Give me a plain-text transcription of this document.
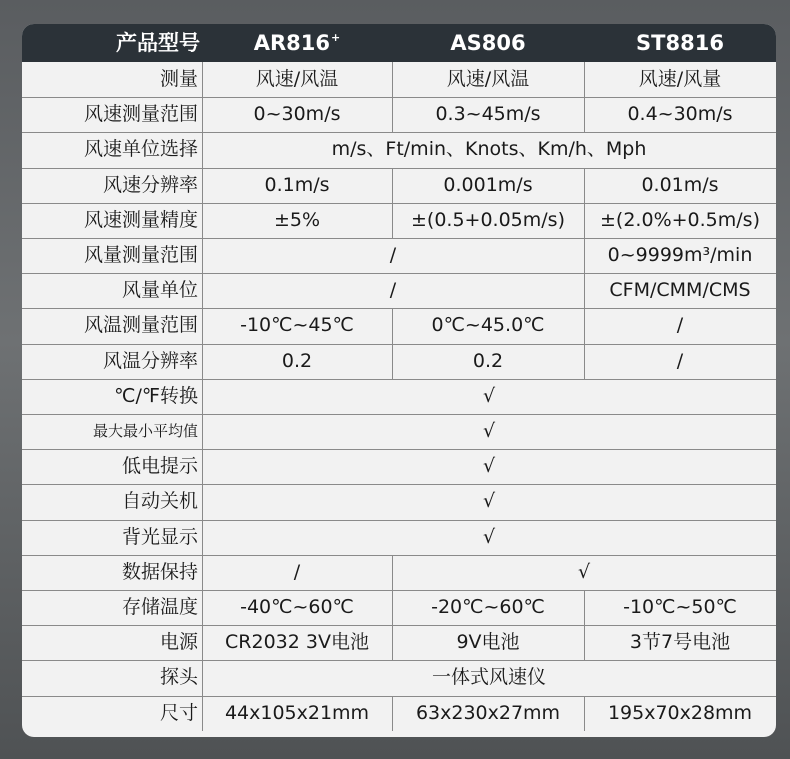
产品型号	AR816+	AS806	ST8816
测量	风速/风温	风速/风温	风速/风量
风速测量范围	0~30m/s	0.3~45m/s	0.4~30m/s
风速单位选择	m/s、Ft/min、Knots、Km/h、Mph
风速分辨率	0.1m/s	0.001m/s	0.01m/s
风速测量精度	±5%	±(0.5+0.05m/s)	±(2.0%+0.5m/s)
风量测量范围	/	0~9999m³/min
风量单位	/	CFM/CMM/CMS
风温测量范围	-10℃~45℃	0℃~45.0℃	/
风温分辨率	0.2	0.2	/
℃/℉转换	√
最大最小平均值	√
低电提示	√
自动关机	√
背光显示	√
数据保持	/	√
存储温度	-40℃~60℃	-20℃~60℃	-10℃~50℃
电源	CR2032 3V电池	9V电池	3节7号电池
探头	一体式风速仪
尺寸	44x105x21mm	63x230x27mm	195x70x28mm
